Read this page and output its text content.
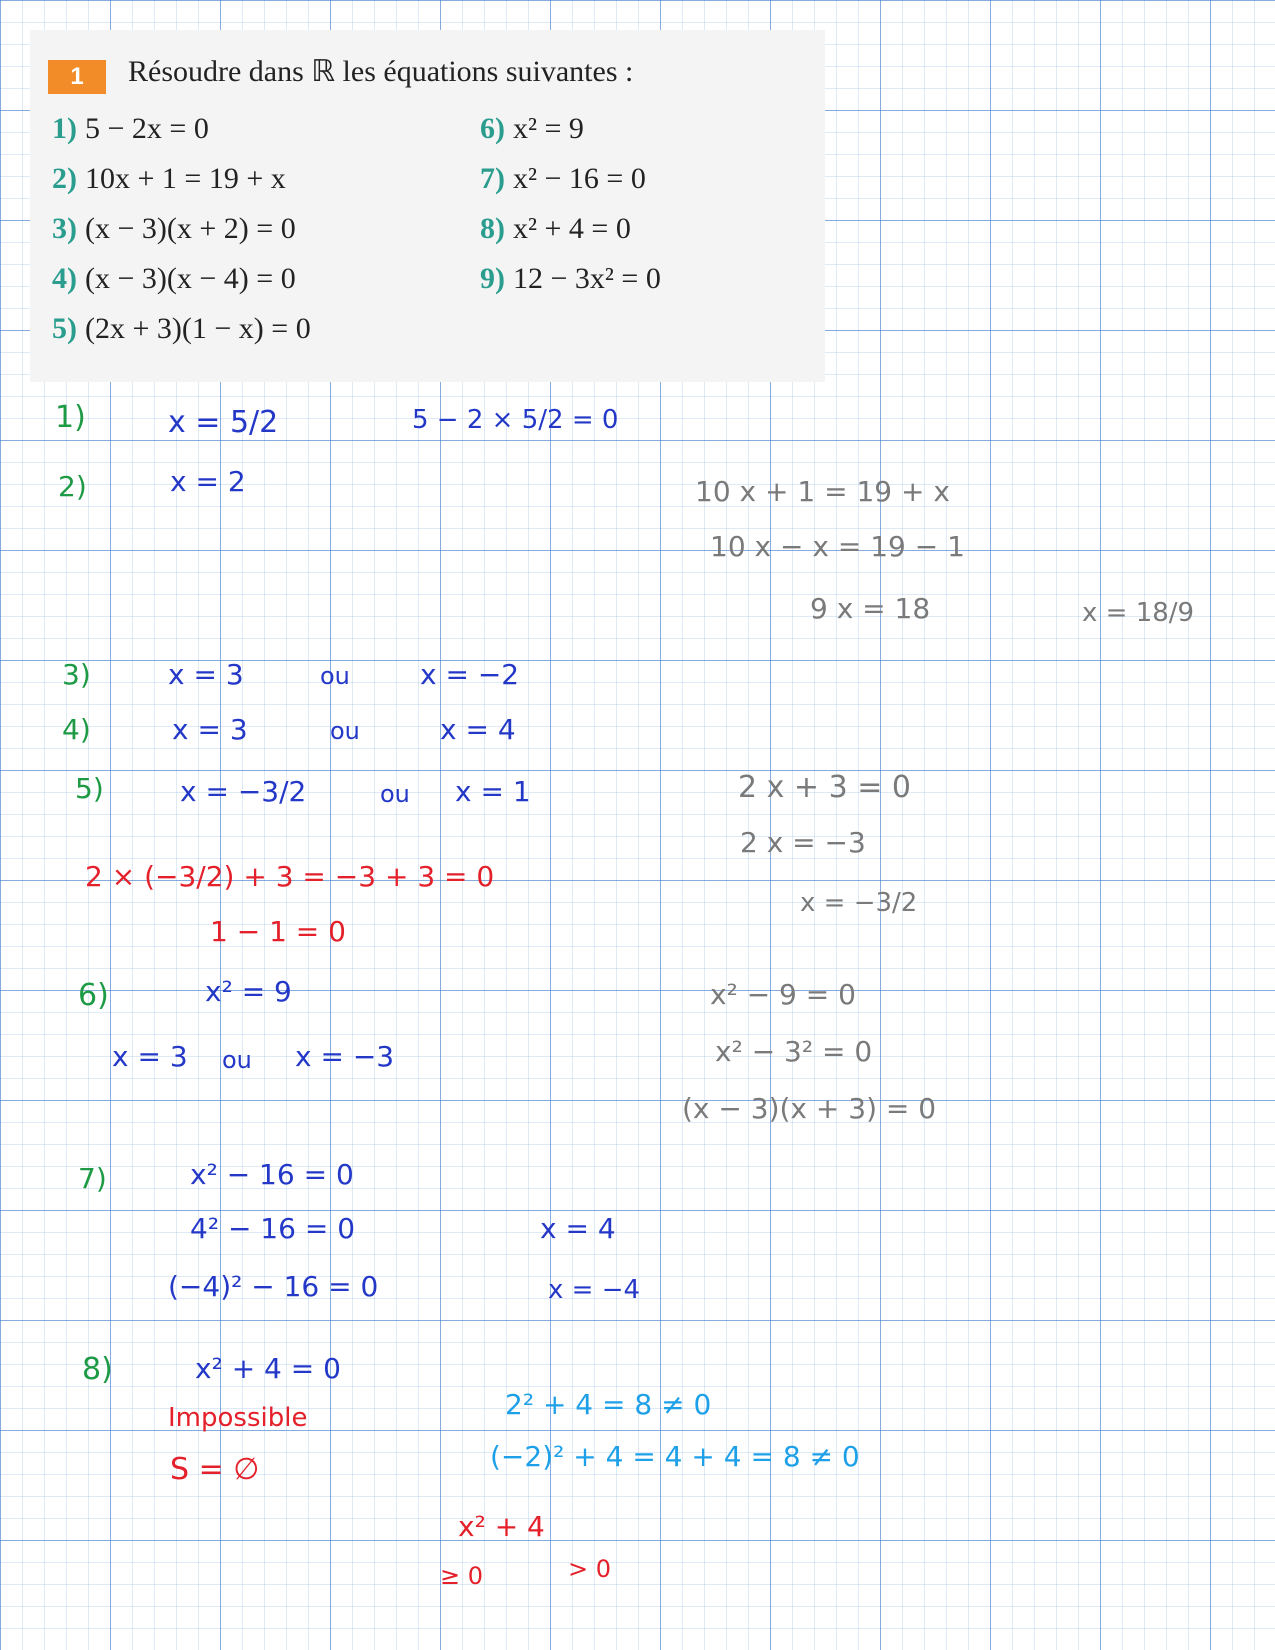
1	Résoudre dans ℝ les équations suivantes :
1) 5 − 2x = 0
2) 10x + 1 = 19 + x
3) (x − 3)(x + 2) = 0
4) (x − 3)(x − 4) = 0
5) (2x + 3)(1 − x) = 0
6) x² = 9
7) x² − 16 = 0
8) x² + 4 = 0
9) 12 − 3x² = 0
1)	x = 5/2	5 − 2 × 5/2 = 0
2)	x = 2	10 x + 1 = 19 + x
10 x − x = 19 − 1
9 x = 18	x = 18/9
3)	x = 3	ou	x = −2
4)	x = 3	ou	x = 4
5)	x = −3/2	ou x = 1
2 × (−3/2) + 3 = −3 + 3 = 0
1 − 1 = 0
2 x + 3 = 0
2 x = −3
x = −3/2
6)	x² = 9
x = 3 ou x = −3
x² − 9 = 0
x² − 3² = 0
(x − 3)(x + 3) = 0
7)	x² − 16 = 0
4² − 16 = 0
(−4)² − 16 = 0
x = 4
x = −4
8)	x² + 4 = 0
Impossible
S = ∅
2² + 4 = 8 ≠ 0
(−2)² + 4 = 4 + 4 = 8 ≠ 0
x² + 4
≥ 0	> 0
